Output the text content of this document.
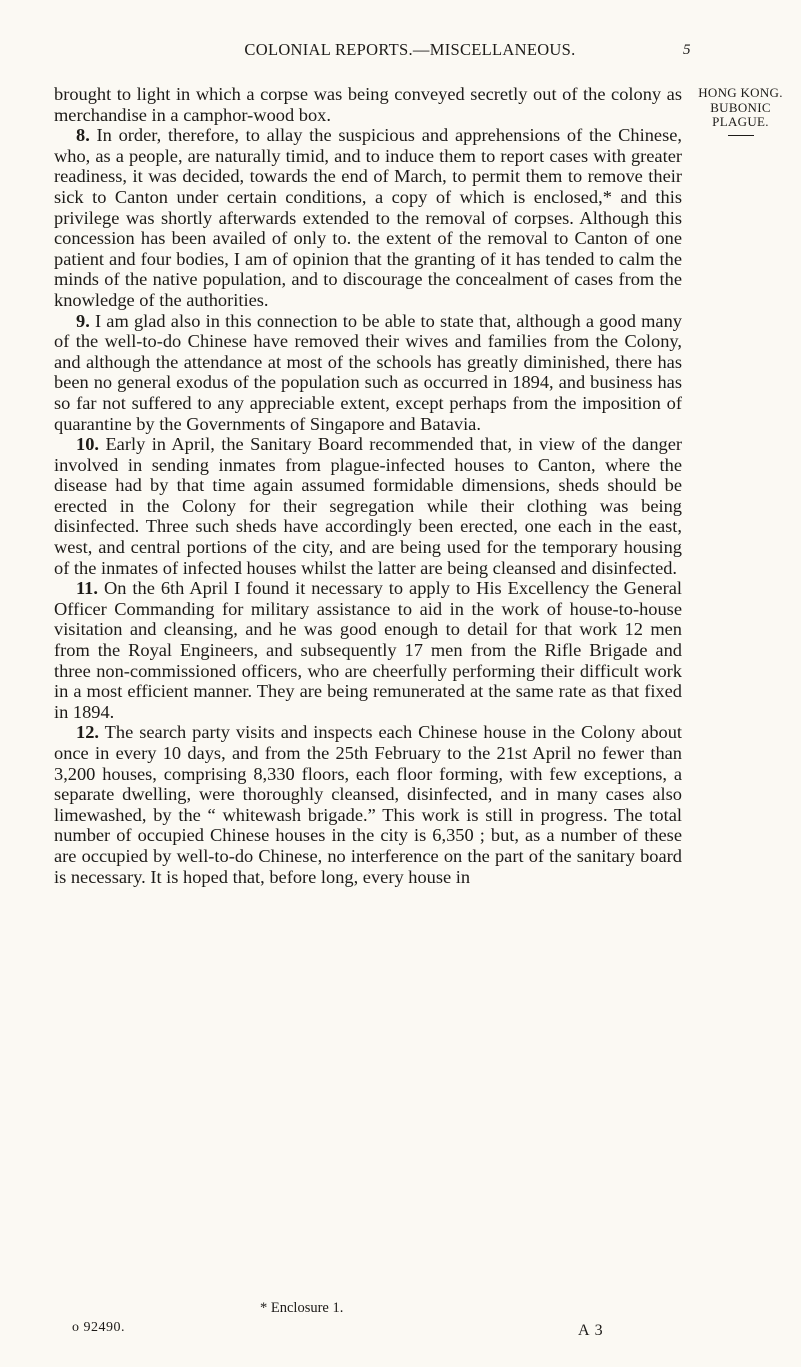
COLONIAL REPORTS.—MISCELLANEOUS.	5
HONG KONG.
BUBONIC
PLAGUE.

brought to light in which a corpse was being conveyed secretly out of the colony as merchandise in a camphor-wood box.

8. In order, therefore, to allay the suspicious and apprehensions of the Chinese, who, as a people, are naturally timid, and to induce them to report cases with greater readiness, it was decided, towards the end of March, to permit them to remove their sick to Canton under certain conditions, a copy of which is enclosed,* and this privilege was shortly afterwards extended to the removal of corpses. Although this concession has been availed of only to. the extent of the removal to Canton of one patient and four bodies, I am of opinion that the granting of it has tended to calm the minds of the native population, and to discourage the concealment of cases from the knowledge of the authorities.

9. I am glad also in this connection to be able to state that, although a good many of the well-to-do Chinese have removed their wives and families from the Colony, and although the attendance at most of the schools has greatly diminished, there has been no general exodus of the population such as occurred in 1894, and business has so far not suffered to any appreciable extent, except perhaps from the imposition of quarantine by the Governments of Singapore and Batavia.

10. Early in April, the Sanitary Board recommended that, in view of the danger involved in sending inmates from plague-infected houses to Canton, where the disease had by that time again assumed formidable dimensions, sheds should be erected in the Colony for their segregation while their clothing was being disinfected. Three such sheds have accordingly been erected, one each in the east, west, and central portions of the city, and are being used for the temporary housing of the inmates of infected houses whilst the latter are being cleansed and disinfected.

11. On the 6th April I found it necessary to apply to His Excellency the General Officer Commanding for military assistance to aid in the work of house-to-house visitation and cleansing, and he was good enough to detail for that work 12 men from the Royal Engineers, and subsequently 17 men from the Rifle Brigade and three non-commissioned officers, who are cheerfully performing their difficult work in a most efficient manner. They are being remunerated at the same rate as that fixed in 1894.

12. The search party visits and inspects each Chinese house in the Colony about once in every 10 days, and from the 25th February to the 21st April no fewer than 3,200 houses, comprising 8,330 floors, each floor forming, with few exceptions, a separate dwelling, were thoroughly cleansed, disinfected, and in many cases also limewashed, by the “ whitewash brigade.” This work is still in progress. The total number of occupied Chinese houses in the city is 6,350 ; but, as a number of these are occupied by well-to-do Chinese, no interference on the part of the sanitary board is necessary. It is hoped that, before long, every house in

* Enclosure 1.
o 92490.	A 3
